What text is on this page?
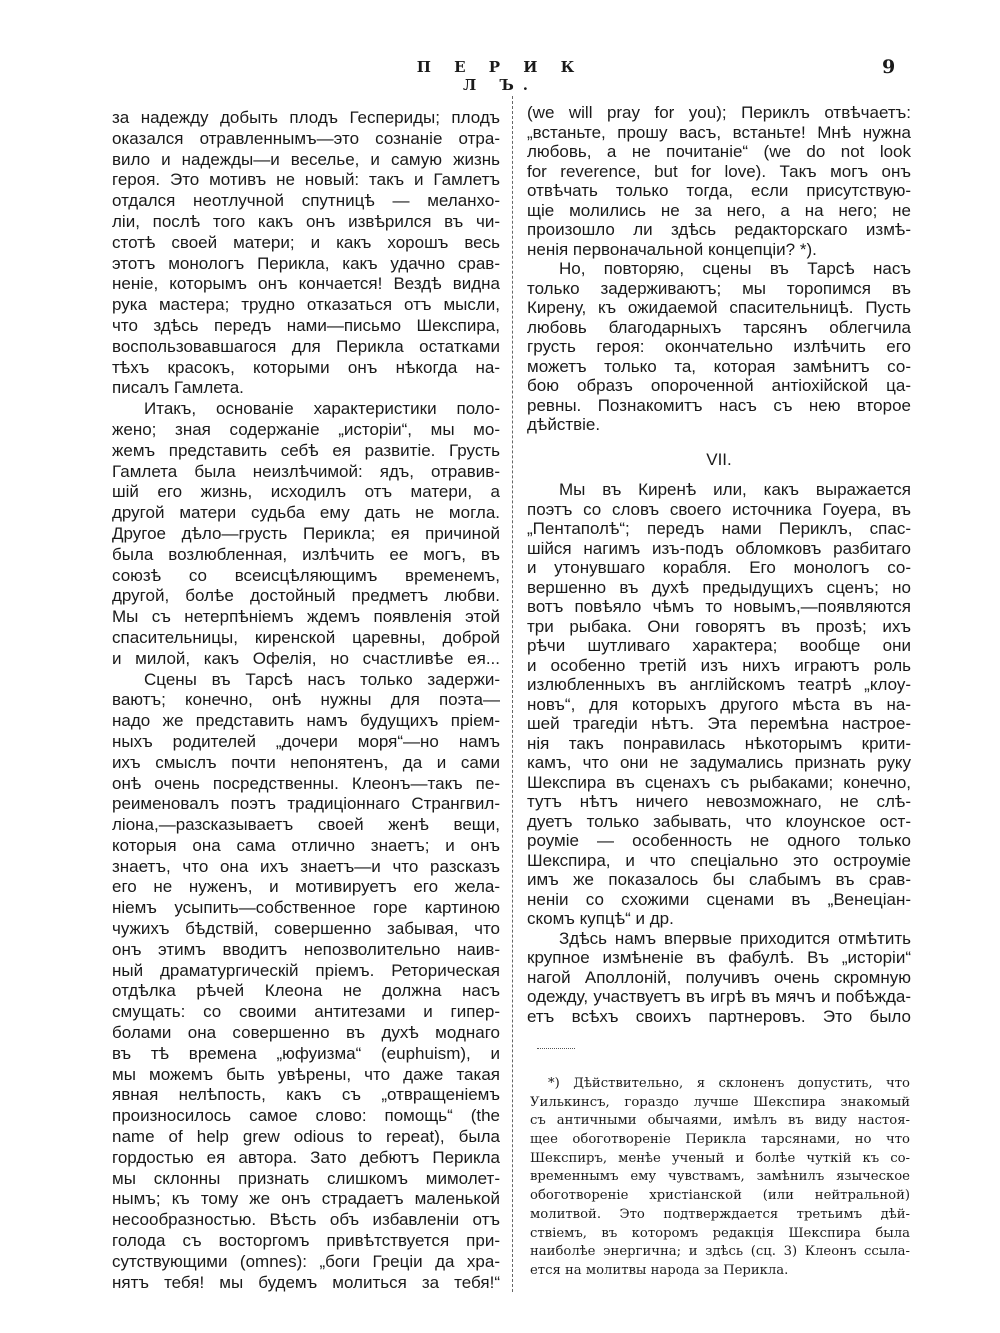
П Е Р И К Л Ъ.
9
за надежду добыть плодъ Геспериды; плодъ
оказался отравленнымъ—это сознаніе отра-
вило и надежды—и веселье, и самую жизнь
героя. Это мотивъ не новый: такъ и Гамлетъ
отдался неотлучной спутницѣ — меланхо-
ліи, послѣ того какъ онъ извѣрился въ чи-
стотѣ своей матери; и какъ хорошъ весь
этотъ монологъ Перикла, какъ удачно срав-
неніе, которымъ онъ кончается! Вездѣ видна
рука мастера; трудно отказаться отъ мысли,
что здѣсь передъ нами—письмо Шекспира,
воспользовавшагося для Перикла остатками
тѣхъ красокъ, которыми онъ нѣкогда на-
писалъ Гамлета.
Итакъ, основаніе характеристики поло-
жено; зная содержаніе „исторіи“, мы мо-
жемъ представить себѣ ея развитіе. Грусть
Гамлета была неизлѣчимой: ядъ, отравив-
шій его жизнь, исходилъ отъ матери, а
другой матери судьба ему дать не могла.
Другое дѣло—грусть Перикла; ея причиной
была возлюбленная, излѣчить ее могъ, въ
союзѣ со всеисцѣляющимъ временемъ,
другой, болѣе достойный предметъ любви.
Мы съ нетерпѣніемъ ждемъ появленія этой
спасительницы, киренской царевны, доброй
и милой, какъ Офелія, но счастливѣе ея...
Сцены въ Тарсѣ насъ только задержи-
ваютъ; конечно, онѣ нужны для поэта—
надо же представить намъ будущихъ пріем-
ныхъ родителей „дочери моря“—но намъ
ихъ смыслъ почти непонятенъ, да и сами
онѣ очень посредственны. Клеонъ—такъ пе-
реименовалъ поэтъ традиціоннаго Странгвил-
ліона,—разсказываетъ своей женѣ вещи,
которыя она сама отлично знаетъ; и онъ
знаетъ, что она ихъ знаетъ—и что разсказъ
его не нуженъ, и мотивируетъ его жела-
ніемъ усыпить—собственное горе картиною
чужихъ бѣдствій, совершенно забывая, что
онъ этимъ вводитъ непозволительно наив-
ный драматургическій пріемъ. Реторическая
отдѣлка рѣчей Клеона не должна насъ
смущать: со своими антитезами и гипер-
болами она совершенно въ духѣ моднаго
въ тѣ времена „юфуизма“ (euphuism), и
мы можемъ быть увѣрены, что даже такая
явная нелѣпость, какъ съ „отвращеніемъ
произносилось самое слово: помощь“ (the
name of help grew odious to repeat), была
гордостью ея автора. Зато дебютъ Перикла
мы склонны признать слишкомъ мимолет-
нымъ; къ тому же онъ страдаетъ маленькой
несообразностью. Вѣсть объ избавленіи отъ
голода съ восторгомъ привѣтствуется при-
сутствующими (omnes): „боги Греціи да хра-
нятъ тебя! мы будемъ молиться за тебя!“
(we will pray for you); Периклъ отвѣчаетъ:
„встаньте, прошу васъ, встаньте! Мнѣ нужна
любовь, а не почитаніе“ (we do not look
for reverence, but for love). Такъ могъ онъ
отвѣчать только тогда, если присутствую-
щіе молились не за него, а на него; не
произошло ли здѣсь редакторскаго измѣ-
ненія первоначальной концепціи? *).
Но, повторяю, сцены въ Тарсѣ насъ
только задерживаютъ; мы торопимся въ
Кирену, къ ожидаемой спасительницѣ. Пусть
любовь благодарныхъ тарсянъ облегчила
грусть героя: окончательно излѣчить его
можетъ только та, которая замѣнитъ со-
бою образъ опороченной антіохійской ца-
ревны. Познакомитъ насъ съ нею второе
дѣйствіе.
VII.
Мы въ Киренѣ или, какъ выражается
поэтъ со словъ своего источника Гоуера, въ
„Пентаполѣ“; передъ нами Периклъ, спас-
шійся нагимъ изъ-подъ обломковъ разбитаго
и утонувшаго корабля. Его монологъ со-
вершенно въ духѣ предыдущихъ сценъ; но
вотъ повѣяло чѣмъ то новымъ,—появляются
три рыбака. Они говорятъ въ прозѣ; ихъ
рѣчи шутливаго характера; вообще они
и особенно третій изъ нихъ играютъ роль
излюбленныхъ въ англійскомъ театрѣ „клоу-
новъ“, для которыхъ другого мѣста въ на-
шей трагедіи нѣтъ. Эта перемѣна настрое-
нія такъ понравилась нѣкоторымъ крити-
камъ, что они не задумались признать руку
Шекспира въ сценахъ съ рыбаками; конечно,
тутъ нѣтъ ничего невозможнаго, не слѣ-
дуетъ только забывать, что клоунское ост-
роуміе — особенность не одного только
Шекспира, и что спеціально это остроуміе
имъ же показалось бы слабымъ въ срав-
неніи со схожими сценами въ „Венеціан-
скомъ купцѣ“ и др.
Здѣсь намъ впервые приходится отмѣтить
крупное измѣненіе въ фабулѣ. Въ „исторіи“
нагой Аполлоній, получивъ очень скромную
одежду, участвуетъ въ игрѣ въ мячъ и побѣжда-
етъ всѣхъ своихъ партнеровъ. Это было
*) Дѣйствительно, я склоненъ допустить, что
Уилькинсъ, гораздо лучше Шекспира знакомый
съ античными обычаями, имѣлъ въ виду настоя-
щее обоготвореніе Перикла тарсянами, но что
Шекспиръ, менѣе ученый и болѣе чуткій къ со-
временнымъ ему чувствамъ, замѣнилъ языческое
обоготвореніе христіанской (или нейтральной)
молитвой. Это подтверждается третьимъ дѣй-
ствіемъ, въ которомъ редакція Шекспира была
наиболѣе энергична; и здѣсь (сц. 3) Клеонъ ссыла-
ется на молитвы народа за Перикла.
